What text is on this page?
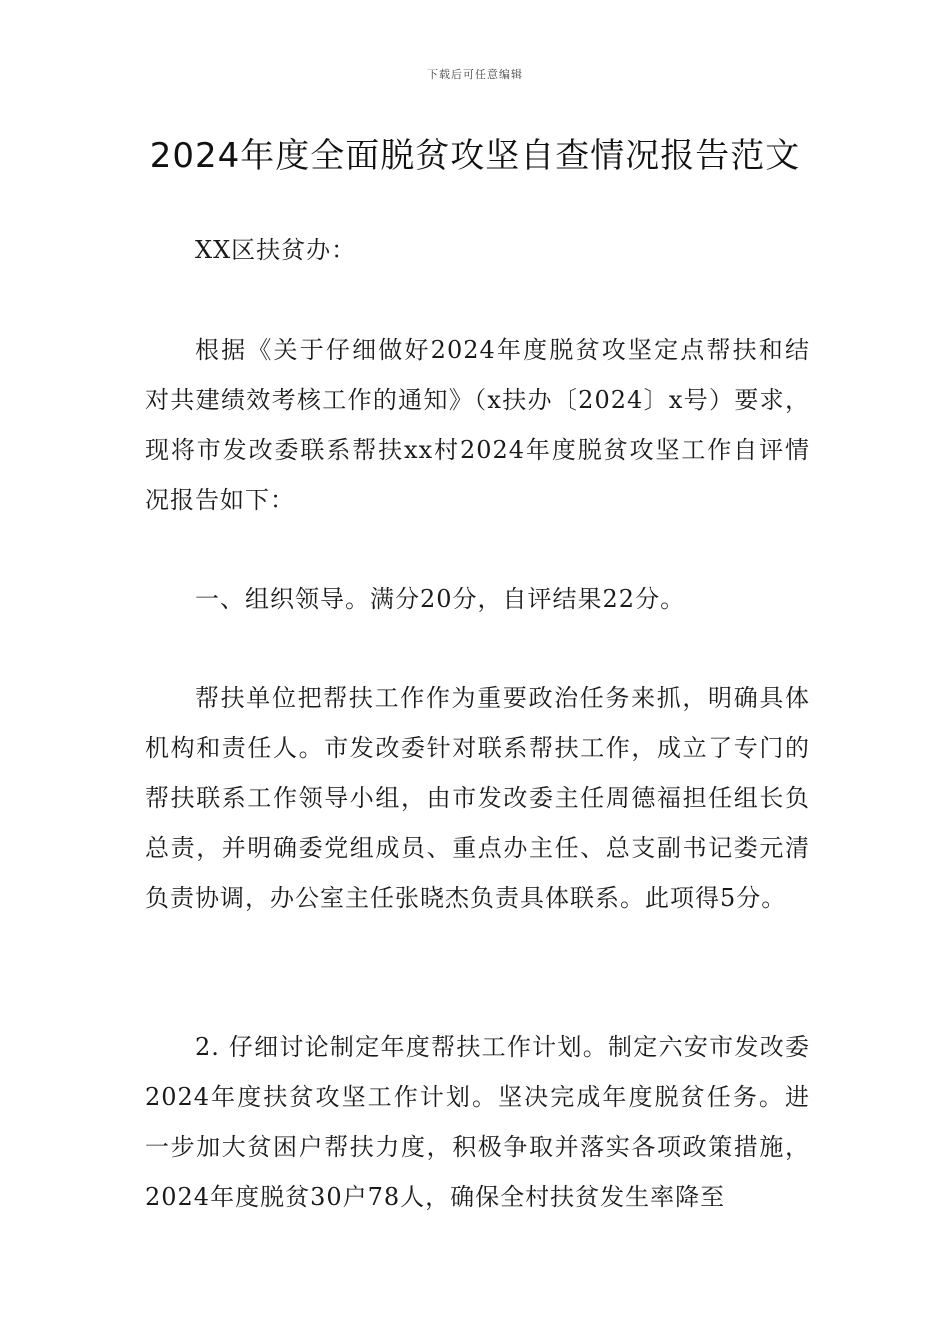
下载后可任意编辑
2024年度全面脱贫攻坚自查情况报告范文

XX区扶贫办：

根据《关于仔细做好2024年度脱贫攻坚定点帮扶和结对共建绩效考核工作的通知》（x扶办〔2024〕x号）要求，现将市发改委联系帮扶xx村2024年度脱贫攻坚工作自评情况报告如下：

一、组织领导。满分20分，自评结果22分。

帮扶单位把帮扶工作作为重要政治任务来抓，明确具体机构和责任人。市发改委针对联系帮扶工作，成立了专门的帮扶联系工作领导小组，由市发改委主任周德福担任组长负总责，并明确委党组成员、重点办主任、总支副书记娄元清负责协调，办公室主任张晓杰负责具体联系。此项得5分。

2. 仔细讨论制定年度帮扶工作计划。制定六安市发改委2024年度扶贫攻坚工作计划。坚决完成年度脱贫任务。进一步加大贫困户帮扶力度，积极争取并落实各项政策措施，2024年度脱贫30户78人，确保全村扶贫发生率降至
